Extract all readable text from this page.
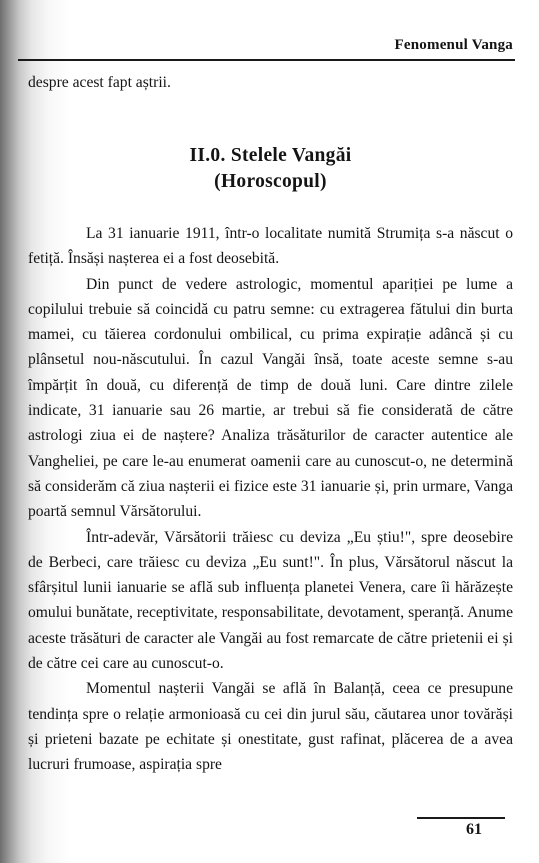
Fenomenul Vanga

despre acest fapt aștrii.

II.0. Stelele Vangăi
(Horoscopul)

La 31 ianuarie 1911, într-o localitate numită Strumița s-a născut o fetiță. Însăși nașterea ei a fost deosebită.

Din punct de vedere astrologic, momentul apariției pe lume a copilului trebuie să coincidă cu patru semne: cu extragerea fătului din burta mamei, cu tăierea cordonului ombilical, cu prima expirație adâncă și cu plânsetul nou-născutului. În cazul Vangăi însă, toate aceste semne s-au împărțit în două, cu diferență de timp de două luni. Care dintre zilele indicate, 31 ianuarie sau 26 martie, ar trebui să fie considerată de către astrologi ziua ei de naștere? Analiza trăsăturilor de caracter autentice ale Vangheliei, pe care le-au enumerat oamenii care au cunoscut-o, ne determină să considerăm că ziua nașterii ei fizice este 31 ianuarie și, prin urmare, Vanga poartă semnul Vărsătorului.

Într-adevăr, Vărsătorii trăiesc cu deviza „Eu știu!", spre deosebire de Berbeci, care trăiesc cu deviza „Eu sunt!". În plus, Vărsătorul născut la sfârșitul lunii ianuarie se află sub influența planetei Venera, care îi hărăzește omului bunătate, receptivitate, responsabilitate, devotament, speranță. Anume aceste trăsături de caracter ale Vangăi au fost remarcate de către prietenii ei și de către cei care au cunoscut-o.

Momentul nașterii Vangăi se află în Balanță, ceea ce presupune tendința spre o relație armonioasă cu cei din jurul său, căutarea unor tovărăși și prieteni bazate pe echitate și onestitate, gust rafinat, plăcerea de a avea lucruri frumoase, aspirația spre

61
